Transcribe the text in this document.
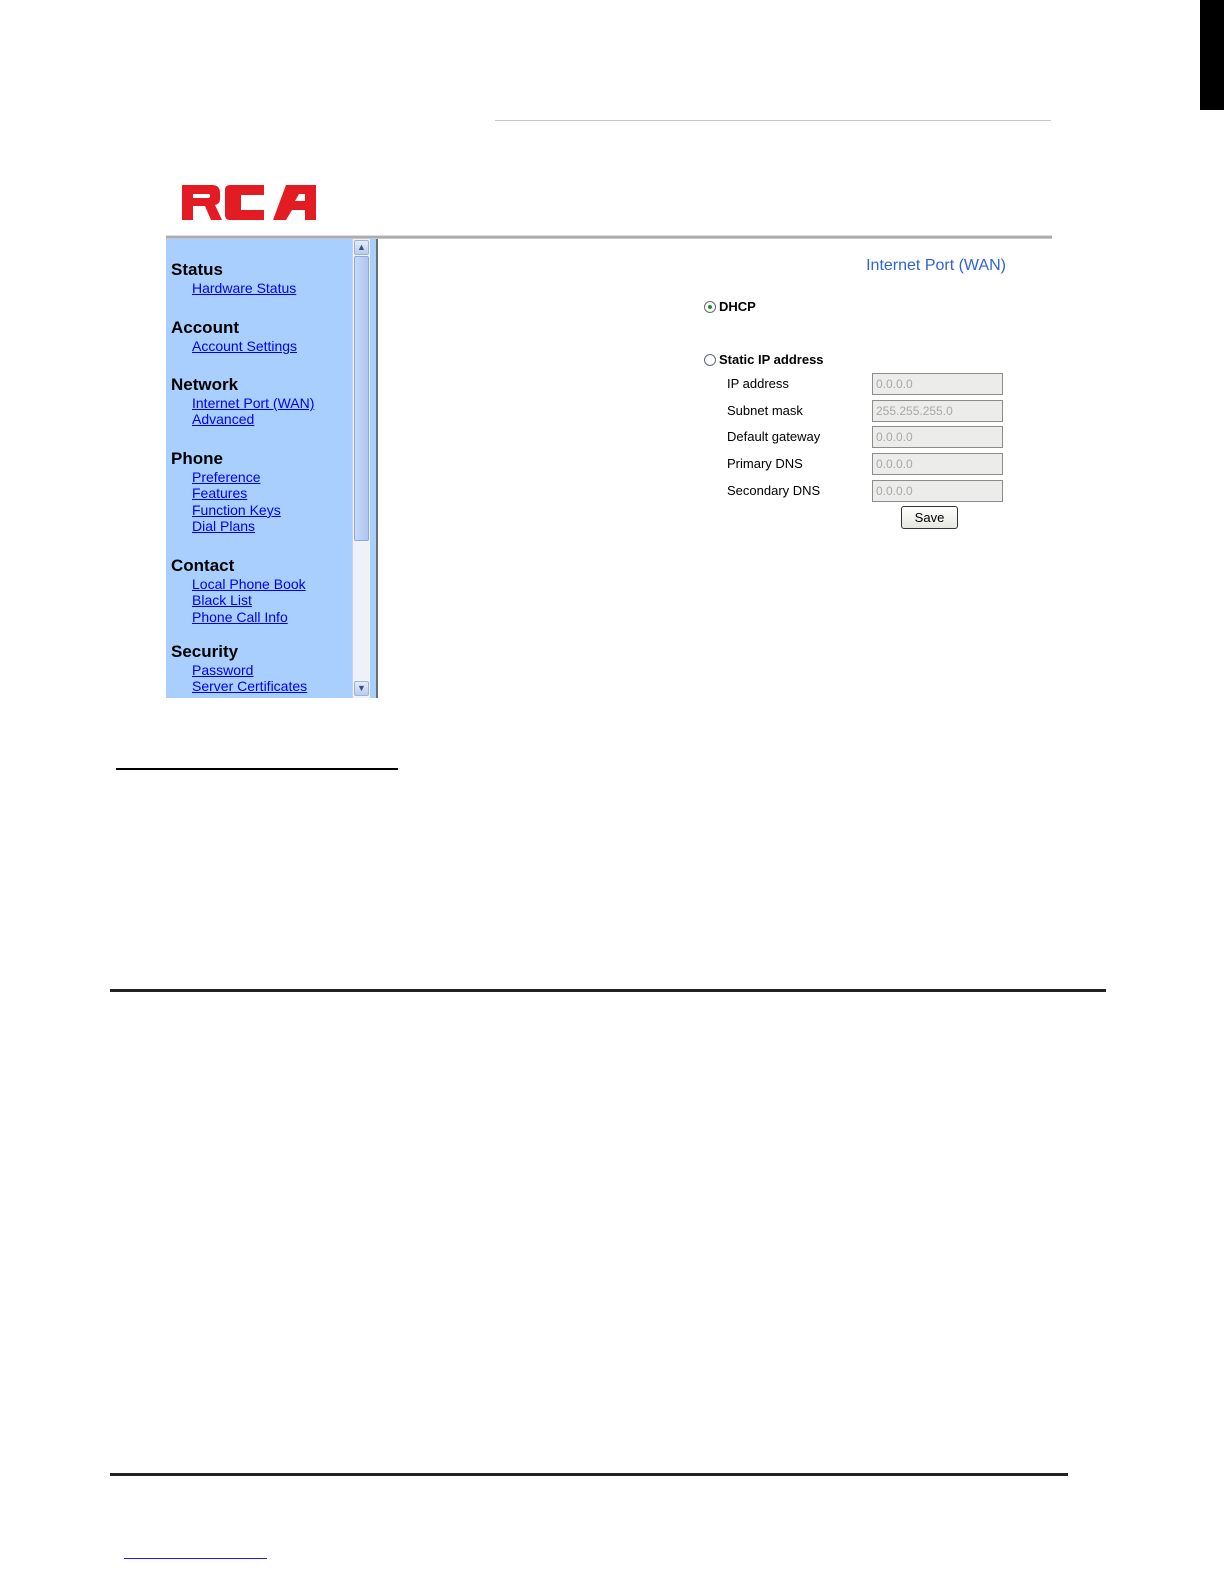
Status
Hardware Status
Account
Account Settings
Network
Internet Port (WAN)
Advanced
Phone
Preference
Features
Function Keys
Dial Plans
Contact
Local Phone Book
Black List
Phone Call Info
Security
Password
Server Certificates
▲
▼
Internet Port (WAN)
DHCP
Static IP address
IP address	0.0.0.0
Subnet mask	255.255.255.0
Default gateway	0.0.0.0
Primary DNS	0.0.0.0
Secondary DNS	0.0.0.0
Save
